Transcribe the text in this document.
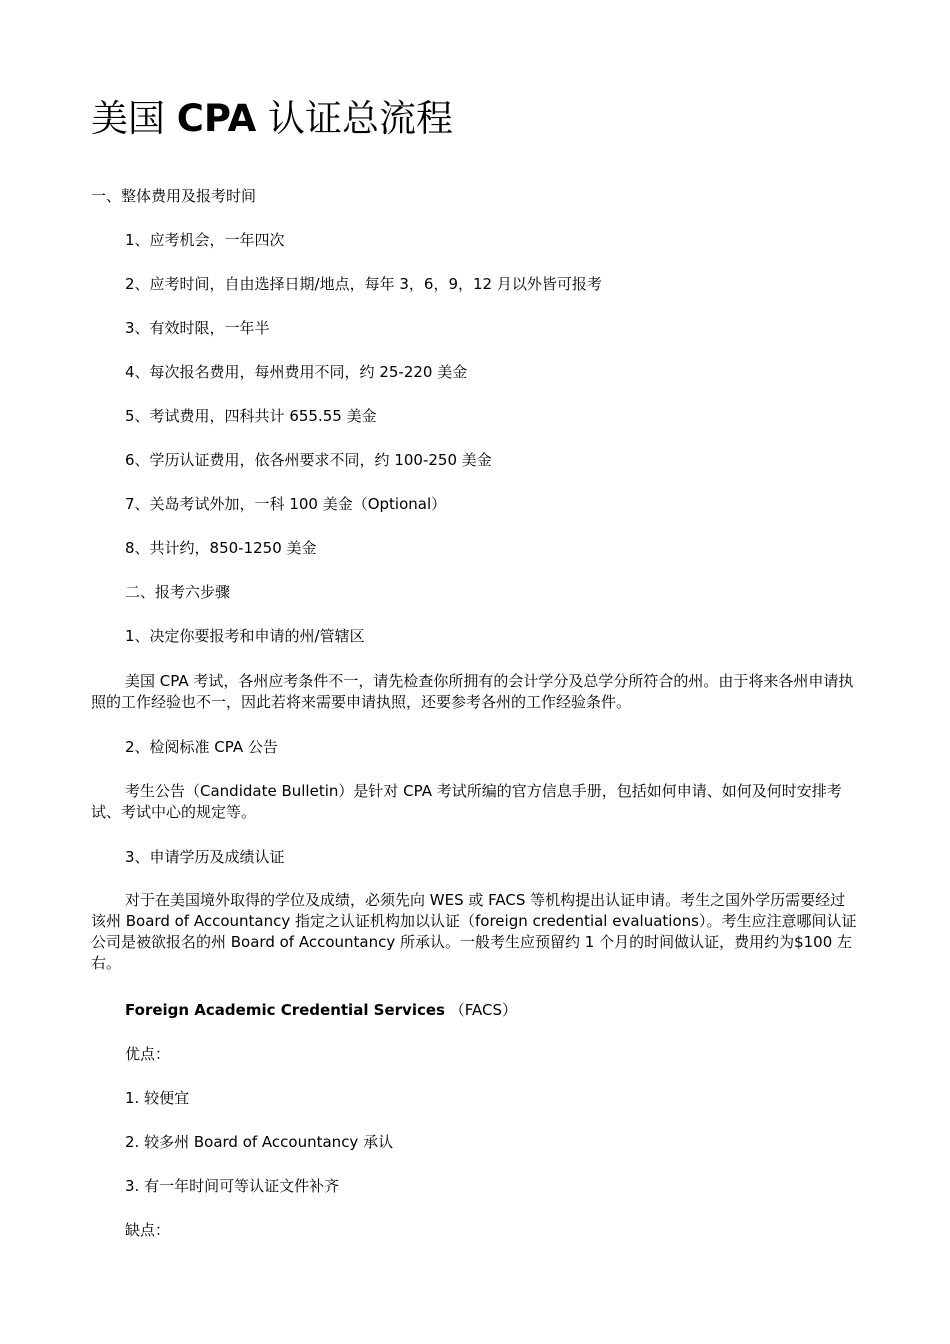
美国 CPA 认证总流程
一、整体费用及报考时间
1、应考机会，一年四次
2、应考时间，自由选择日期/地点，每年 3，6，9，12 月以外皆可报考
3、有效时限，一年半
4、每次报名费用，每州费用不同，约 25-220 美金
5、考试费用，四科共计 655.55 美金
6、学历认证费用，依各州要求不同，约 100-250 美金
7、关岛考试外加，一科 100 美金（Optional）
8、共计约，850-1250 美金
二、报考六步骤
1、决定你要报考和申请的州/管辖区
美国 CPA 考试，各州应考条件不一，请先检查你所拥有的会计学分及总学分所符合的州。由于将来各州申请执照的工作经验也不一，因此若将来需要申请执照，还要参考各州的工作经验条件。
2、检阅标准 CPA 公告
考生公告（Candidate Bulletin）是针对 CPA 考试所编的官方信息手册，包括如何申请、如何及何时安排考试、考试中心的规定等。
3、申请学历及成绩认证
对于在美国境外取得的学位及成绩，必须先向 WES 或 FACS 等机构提出认证申请。考生之国外学历需要经过该州 Board of Accountancy 指定之认证机构加以认证（foreign credential evaluations）。考生应注意哪间认证公司是被欲报名的州 Board of Accountancy 所承认。一般考生应预留约 1 个月的时间做认证，费用约为$100 左右。
Foreign Academic Credential Services （FACS）
优点：
1. 较便宜
2. 较多州 Board of Accountancy 承认
3. 有一年时间可等认证文件补齐
缺点：
